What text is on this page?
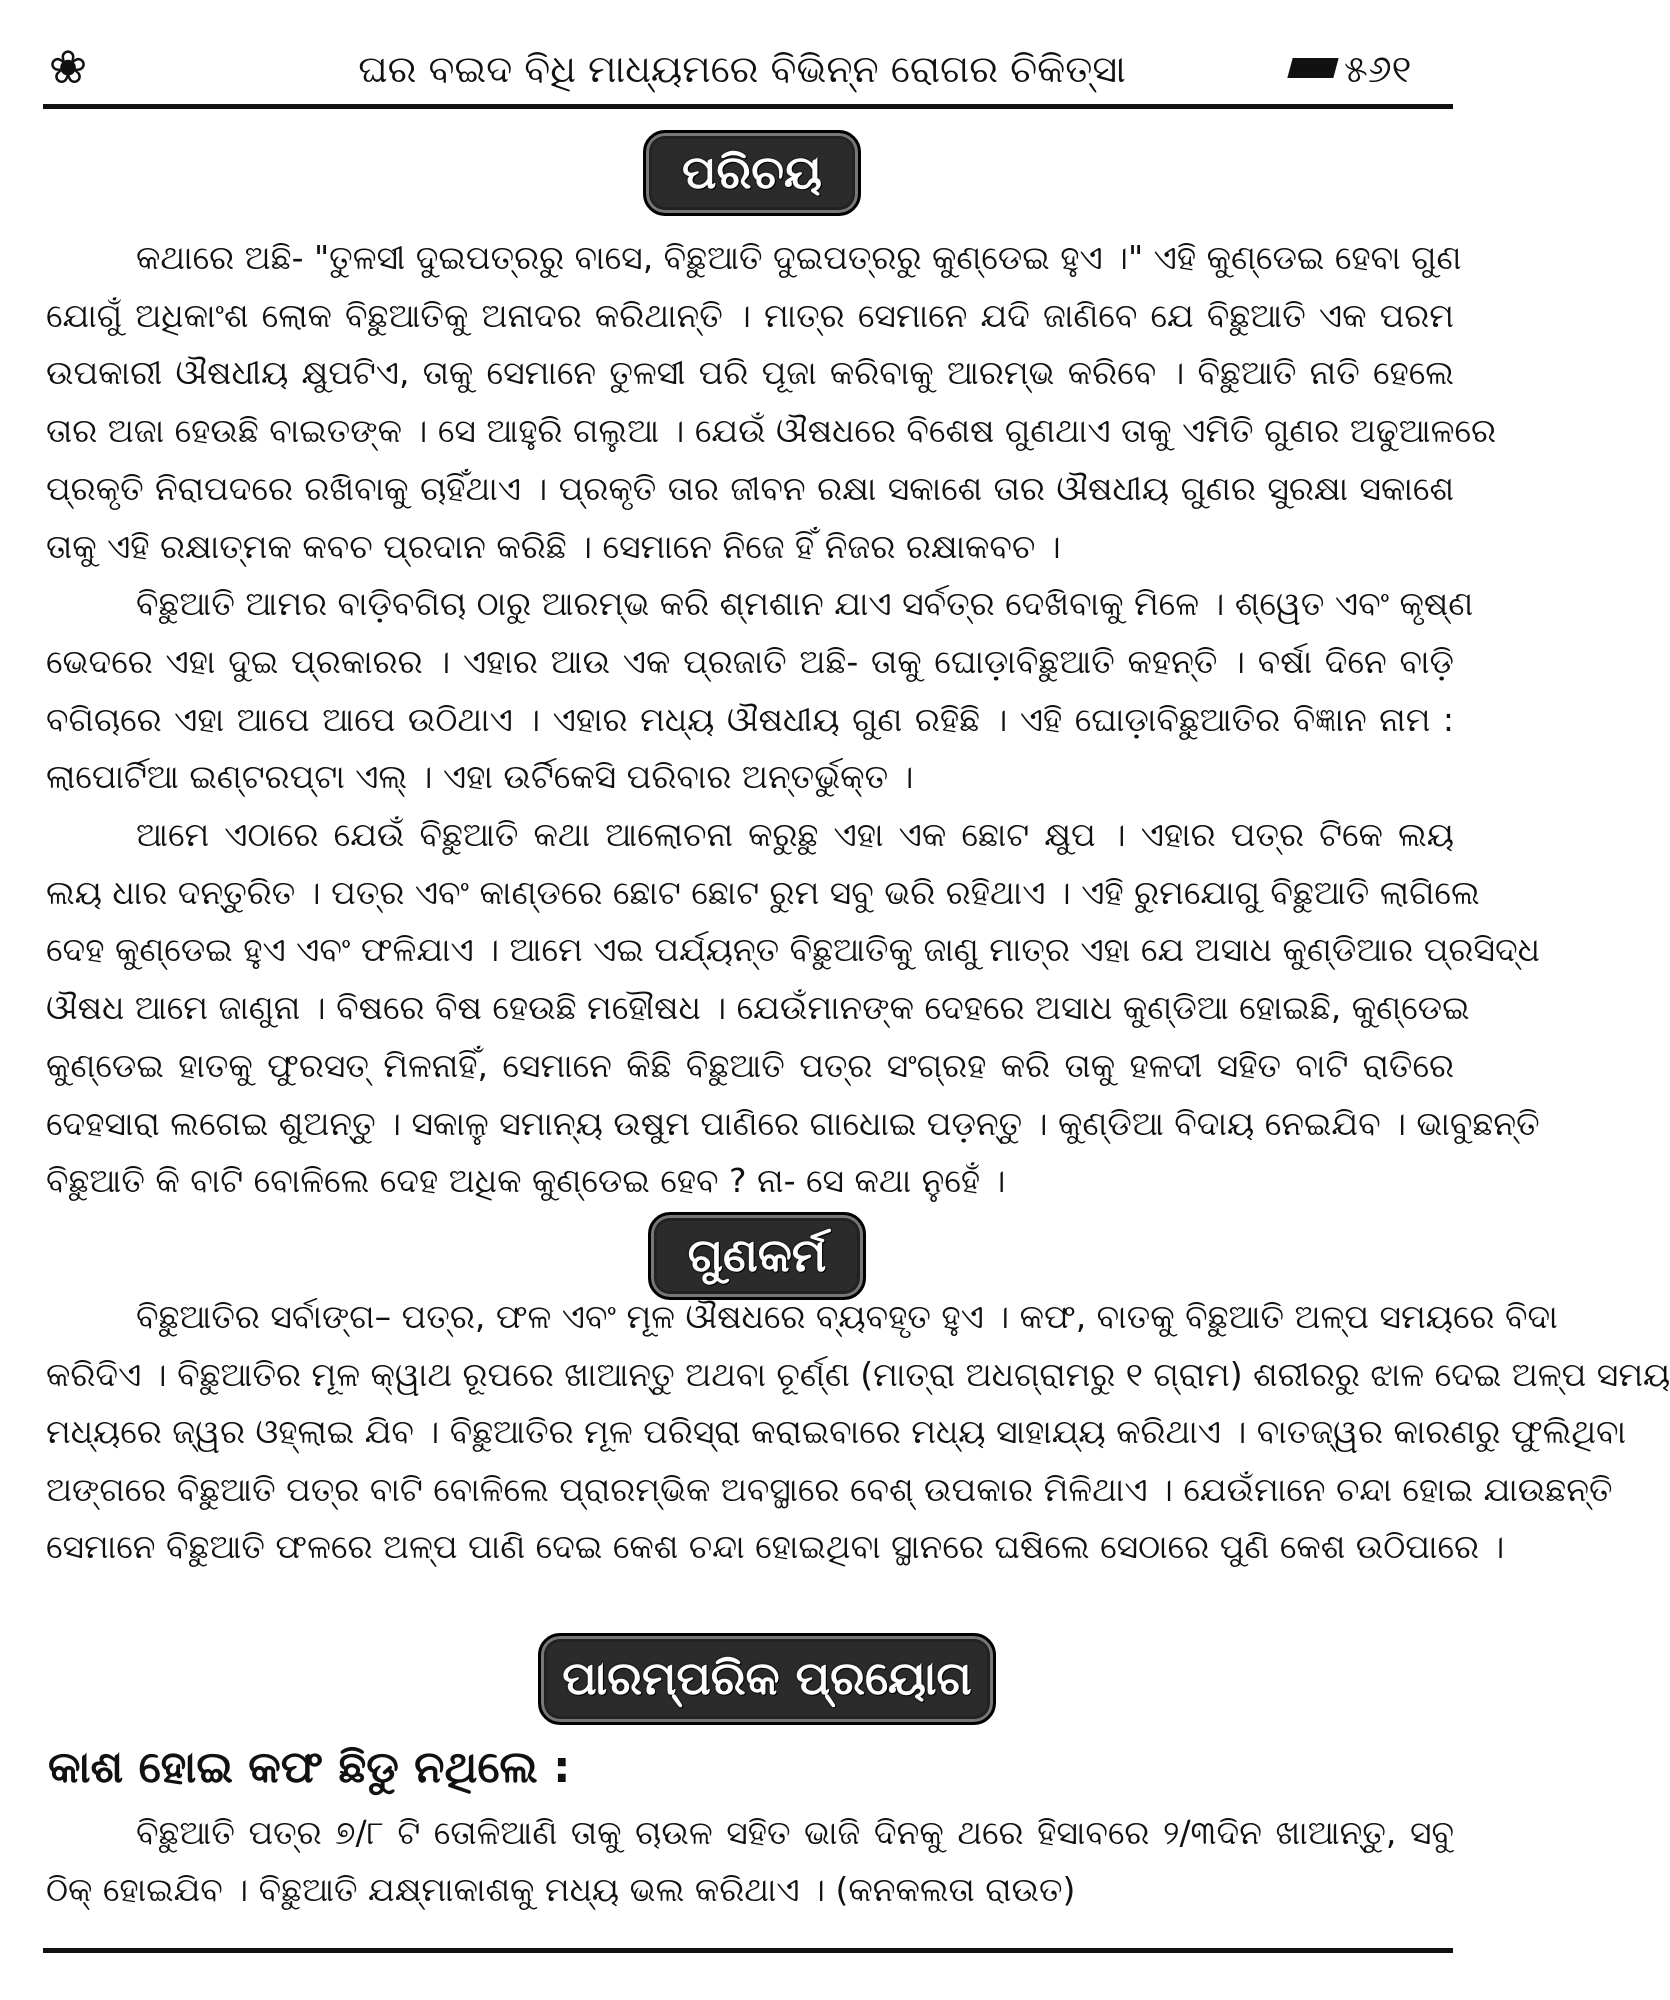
❀	ଘର ବଇଦ ବିଧି ମାଧ୍ୟମରେ ବିଭିନ୍ନ ରୋଗର ଚିକିତ୍ସା	୫୬୧
ପରିଚୟ
କଥାରେ ଅଛି- "ତୁଳସୀ ଦୁଇପତ୍ରରୁ ବାସେ, ବିଛୁଆତି ଦୁଇପତ୍ରରୁ କୁଣ୍ଡେଇ ହୁଏ ।" ଏହି କୁଣ୍ଡେଇ ହେବା ଗୁଣ
ଯୋଗୁଁ ଅଧିକାଂଶ ଲୋକ ବିଛୁଆତିକୁ ଅନାଦର କରିଥାନ୍ତି । ମାତ୍ର ସେମାନେ ଯଦି ଜାଣିବେ ଯେ ବିଛୁଆତି ଏକ ପରମ
ଉପକାରୀ ଔଷଧୀୟ କ୍ଷୁପଟିଏ, ତାକୁ ସେମାନେ ତୁଳସୀ ପରି ପୂଜା କରିବାକୁ ଆରମ୍ଭ କରିବେ । ବିଛୁଆତି ନାତି ହେଲେ
ତାର ଅଜା ହେଉଛି ବାଇତଙ୍କ । ସେ ଆହୁରି ଗଲୁଆ । ଯେଉଁ ଔଷଧରେ ବିଶେଷ ଗୁଣଥାଏ ତାକୁ ଏମିତି ଗୁଣର ଅଢୁଆଳରେ
ପ୍ରକୃତି ନିରାପଦରେ ରଖିବାକୁ ଚାହିଁଥାଏ । ପ୍ରକୃତି ତାର ଜୀବନ ରକ୍ଷା ସକାଶେ ତାର ଔଷଧୀୟ ଗୁଣର ସୁରକ୍ଷା ସକାଶେ
ତାକୁ ଏହି ରକ୍ଷାତ୍ମକ କବଚ ପ୍ରଦାନ କରିଛି । ସେମାନେ ନିଜେ ହିଁ ନିଜର ରକ୍ଷାକବଚ ।
ବିଛୁଆତି ଆମର ବାଡ଼ିବଗିଚା ଠାରୁ ଆରମ୍ଭ କରି ଶ୍ମଶାନ ଯାଏ ସର୍ବତ୍ର ଦେଖିବାକୁ ମିଳେ । ଶ୍ୱେତ ଏବଂ କୃଷ୍ଣ
ଭେଦରେ ଏହା ଦୁଇ ପ୍ରକାରର । ଏହାର ଆଉ ଏକ ପ୍ରଜାତି ଅଛି- ତାକୁ ଘୋଡ଼ାବିଛୁଆତି କହନ୍ତି । ବର୍ଷା ଦିନେ ବାଡ଼ି
ବଗିଚାରେ ଏହା ଆପେ ଆପେ ଉଠିଥାଏ । ଏହାର ମଧ୍ୟ ଔଷଧୀୟ ଗୁଣ ରହିଛି । ଏହି ଘୋଡ଼ାବିଛୁଆତିର ବିଜ୍ଞାନ ନାମ :
ଲାପୋର୍ଟିଆ ଇଣ୍ଟରପ୍ଟା ଏଲ୍ । ଏହା ଉର୍ଟିକେସି ପରିବାର ଅନ୍ତର୍ଭୁକ୍ତ ।
ଆମେ ଏଠାରେ ଯେଉଁ ବିଛୁଆତି କଥା ଆଲୋଚନା କରୁଛୁ ଏହା ଏକ ଛୋଟ କ୍ଷୁପ । ଏହାର ପତ୍ର ଟିକେ ଲୟ
ଲୟ ଧାର ଦନ୍ତୁରିତ । ପତ୍ର ଏବଂ କାଣ୍ଡରେ ଛୋଟ ଛୋଟ ରୁମ ସବୁ ଭରି ରହିଥାଏ । ଏହି ରୁମଯୋଗୁ ବିଛୁଆତି ଲାଗିଲେ
ଦେହ କୁଣ୍ଡେଇ ହୁଏ ଏବଂ ଫଳିଯାଏ । ଆମେ ଏଇ ପର୍ଯ୍ୟନ୍ତ ବିଛୁଆତିକୁ ଜାଣୁ ମାତ୍ର ଏହା ଯେ ଅସାଧ କୁଣ୍ଡିଆର ପ୍ରସିଦ୍ଧ
ଔଷଧ ଆମେ ଜାଣୁନା । ବିଷରେ ବିଷ ହେଉଛି ମହୌଷଧ । ଯେଉଁମାନଙ୍କ ଦେହରେ ଅସାଧ କୁଣ୍ଡିଆ ହୋଇଛି, କୁଣ୍ଡେଇ
କୁଣ୍ଡେଇ ହାତକୁ ଫୁରସତ୍ ମିଳନାହିଁ, ସେମାନେ କିଛି ବିଛୁଆତି ପତ୍ର ସଂଗ୍ରହ କରି ତାକୁ ହଳଦୀ ସହିତ ବାଟି ରାତିରେ
ଦେହସାରା ଲଗେଇ ଶୁଅନ୍ତୁ । ସକାଳୁ ସମାନ୍ୟ ଉଷୁମ ପାଣିରେ ଗାଧୋଇ ପଡ଼ନ୍ତୁ । କୁଣ୍ଡିଆ ବିଦାୟ ନେଇଯିବ । ଭାବୁଛନ୍ତି
ବିଛୁଆତି କି ବାଟି ବୋଳିଲେ ଦେହ ଅଧିକ କୁଣ୍ଡେଇ ହେବ ? ନା- ସେ କଥା ନୁହେଁ ।
ଗୁଣକର୍ମ
ବିଛୁଆତିର ସର୍ବାଙ୍ଗ– ପତ୍ର, ଫଳ ଏବଂ ମୂଳ ଔଷଧରେ ବ୍ୟବହୃତ ହୁଏ । କଫ, ବାତକୁ ବିଛୁଆତି ଅଳ୍ପ ସମୟରେ ବିଦା
କରିଦିଏ । ବିଛୁଆତିର ମୂଳ କ୍ୱାଥ ରୂପରେ ଖାଆନ୍ତୁ ଅଥବା ଚୂର୍ଣ୍ଣ (ମାତ୍ରା ଅଧଗ୍ରାମରୁ ୧ ଗ୍ରାମ) ଶରୀରରୁ ଝାଳ ଦେଇ ଅଳ୍ପ ସମୟ
ମଧ୍ୟରେ ଜ୍ୱର ଓହ୍ଲାଇ ଯିବ । ବିଛୁଆତିର ମୂଳ ପରିସ୍ରା କରାଇବାରେ ମଧ୍ୟ ସାହାଯ୍ୟ କରିଥାଏ । ବାତଜ୍ୱର କାରଣରୁ ଫୁଲିଥିବା
ଅଙ୍ଗରେ ବିଛୁଆତି ପତ୍ର ବାଟି ବୋଳିଲେ ପ୍ରାରମ୍ଭିକ ଅବସ୍ଥାରେ ବେଶ୍ ଉପକାର ମିଳିଥାଏ । ଯେଉଁମାନେ ଚନ୍ଦା ହୋଇ ଯାଉଛନ୍ତି
ସେମାନେ ବିଛୁଆତି ଫଳରେ ଅଳ୍ପ ପାଣି ଦେଇ କେଶ ଚନ୍ଦା ହୋଇଥିବା ସ୍ଥାନରେ ଘଷିଲେ ସେଠାରେ ପୁଣି କେଶ ଉଠିପାରେ ।
ପାରମ୍ପରିକ ପ୍ରୟୋଗ
କାଶ ହୋଇ କଫ ଛିଡୁ ନଥିଲେ :
ବିଛୁଆତି ପତ୍ର ୭/୮ ଟି ତୋଳିଆଣି ତାକୁ ଚାଉଳ ସହିତ ଭାଜି ଦିନକୁ ଥରେ ହିସାବରେ ୨/୩ଦିନ ଖାଆନ୍ତୁ, ସବୁ
ଠିକ୍ ହୋଇଯିବ । ବିଛୁଆତି ଯକ୍ଷ୍ମାକାଶକୁ ମଧ୍ୟ ଭଲ କରିଥାଏ । (କନକଲତା ରାଉତ)
